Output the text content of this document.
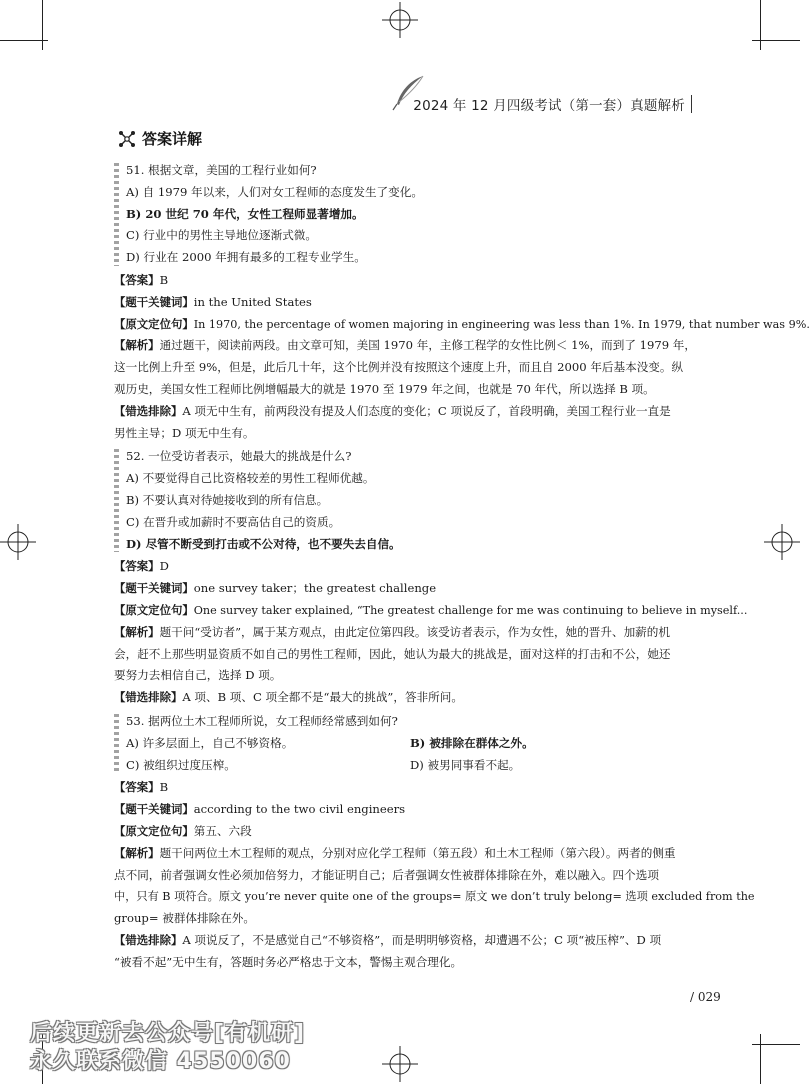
2024 年 12 月四级考试（第一套）真题解析
答案详解
51. 根据文章，美国的工程行业如何?
A) 自 1979 年以来，人们对女工程师的态度发生了变化。
B) 20 世纪 70 年代，女性工程师显著增加。
C) 行业中的男性主导地位逐渐式微。
D) 行业在 2000 年拥有最多的工程专业学生。
【答案】B
【题干关键词】in the United States
【原文定位句】In 1970, the percentage of women majoring in engineering was less than 1%. In 1979, that number was 9%.
【解析】通过题干，阅读前两段。由文章可知，美国 1970 年，主修工程学的女性比例＜ 1%，而到了 1979 年，
这一比例上升至 9%，但是，此后几十年，这个比例并没有按照这个速度上升，而且自 2000 年后基本没变。纵
观历史，美国女性工程师比例增幅最大的就是 1970 至 1979 年之间，也就是 70 年代，所以选择 B 项。
【错选排除】A 项无中生有，前两段没有提及人们态度的变化；C 项说反了，首段明确，美国工程行业一直是
男性主导；D 项无中生有。
52. 一位受访者表示，她最大的挑战是什么?
A) 不要觉得自己比资格较差的男性工程师优越。
B) 不要认真对待她接收到的所有信息。
C) 在晋升或加薪时不要高估自己的资质。
D) 尽管不断受到打击或不公对待，也不要失去自信。
【答案】D
【题干关键词】one survey taker；the greatest challenge
【原文定位句】One survey taker explained, “The greatest challenge for me was continuing to believe in myself...
【解析】题干问“受访者”，属于某方观点，由此定位第四段。该受访者表示，作为女性，她的晋升、加薪的机
会，赶不上那些明显资质不如自己的男性工程师，因此，她认为最大的挑战是，面对这样的打击和不公，她还
要努力去相信自己，选择 D 项。
【错选排除】A 项、B 项、C 项全都不是“最大的挑战”，答非所问。
53. 据两位土木工程师所说，女工程师经常感到如何?
A) 许多层面上，自己不够资格。	B) 被排除在群体之外。
C) 被组织过度压榨。	D) 被男同事看不起。
【答案】B
【题干关键词】according to the two civil engineers
【原文定位句】第五、六段
【解析】题干问两位土木工程师的观点，分别对应化学工程师（第五段）和土木工程师（第六段）。两者的侧重
点不同，前者强调女性必须加倍努力，才能证明自己；后者强调女性被群体排除在外，难以融入。四个选项
中，只有 B 项符合。原文 you’re never quite one of the groups= 原文 we don’t truly belong= 选项 excluded from the
group= 被群体排除在外。
【错选排除】A 项说反了，不是感觉自己“不够资格”，而是明明够资格，却遭遇不公；C 项“被压榨”、D 项
“被看不起”无中生有，答题时务必严格忠于文本，警惕主观合理化。
/ 029
后续更新去公众号[有机研]
永久联系微信 4550060
